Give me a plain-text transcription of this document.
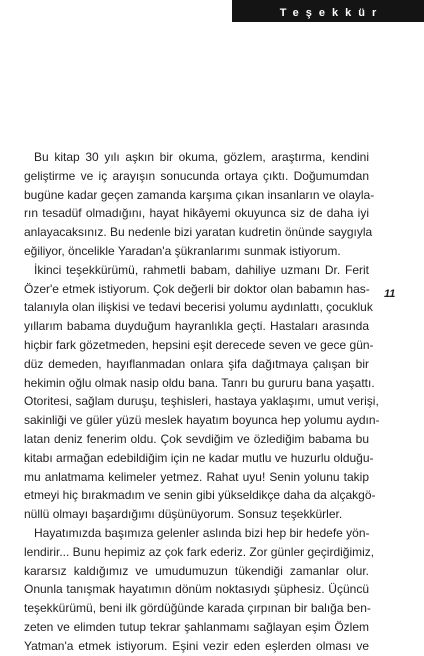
Teşekkür
11
Bu kitap 30 yılı aşkın bir okuma, gözlem, araştırma, kendini
geliştirme ve iç arayışın sonucunda ortaya çıktı. Doğumumdan
bugüne kadar geçen zamanda karşıma çıkan insanların ve olayla-
rın tesadüf olmadığını, hayat hikâyemi okuyunca siz de daha iyi
anlayacaksınız. Bu nedenle bizi yaratan kudretin önünde saygıyla
eğiliyor, öncelikle Yaradan'a şükranlarımı sunmak istiyorum.
İkinci teşekkürümü, rahmetli babam, dahiliye uzmanı Dr. Ferit
Özer'e etmek istiyorum. Çok değerli bir doktor olan babamın has-
talanıyla olan ilişkisi ve tedavi becerisi yolumu aydınlattı, çocukluk
yıllarım babama duyduğum hayranlıkla geçti. Hastaları arasında
hiçbir fark gözetmeden, hepsini eşit derecede seven ve gece gün-
düz demeden, hayıflanmadan onlara şifa dağıtmaya çalışan bir
hekimin oğlu olmak nasip oldu bana. Tanrı bu gururu bana yaşattı.
Otoritesi, sağlam duruşu, teşhisleri, hastaya yaklaşımı, umut verişi,
sakinliği ve güler yüzü meslek hayatım boyunca hep yolumu aydın-
latan deniz fenerim oldu. Çok sevdiğim ve özlediğim babama bu
kitabı armağan edebildiğim için ne kadar mutlu ve huzurlu olduğu-
mu anlatmama kelimeler yetmez. Rahat uyu! Senin yolunu takip
etmeyi hiç bırakmadım ve senin gibi yükseldikçe daha da alçakgö-
nüllü olmayı başardığımı düşünüyorum. Sonsuz teşekkürler.
Hayatımızda başımıza gelenler aslında bizi hep bir hedefe yön-
lendirir... Bunu hepimiz az çok fark ederiz. Zor günler geçirdiğimiz,
kararsız kaldığımız ve umudumuzun tükendiği zamanlar olur.
Onunla tanışmak hayatımın dönüm noktasıydı şüphesiz. Üçüncü
teşekkürümü, beni ilk gördüğünde karada çırpınan bir balığa ben-
zeten ve elimden tutup tekrar şahlanmamı sağlayan eşim Özlem
Yatman'a etmek istiyorum. Eşini vezir eden eşlerden olması ve
